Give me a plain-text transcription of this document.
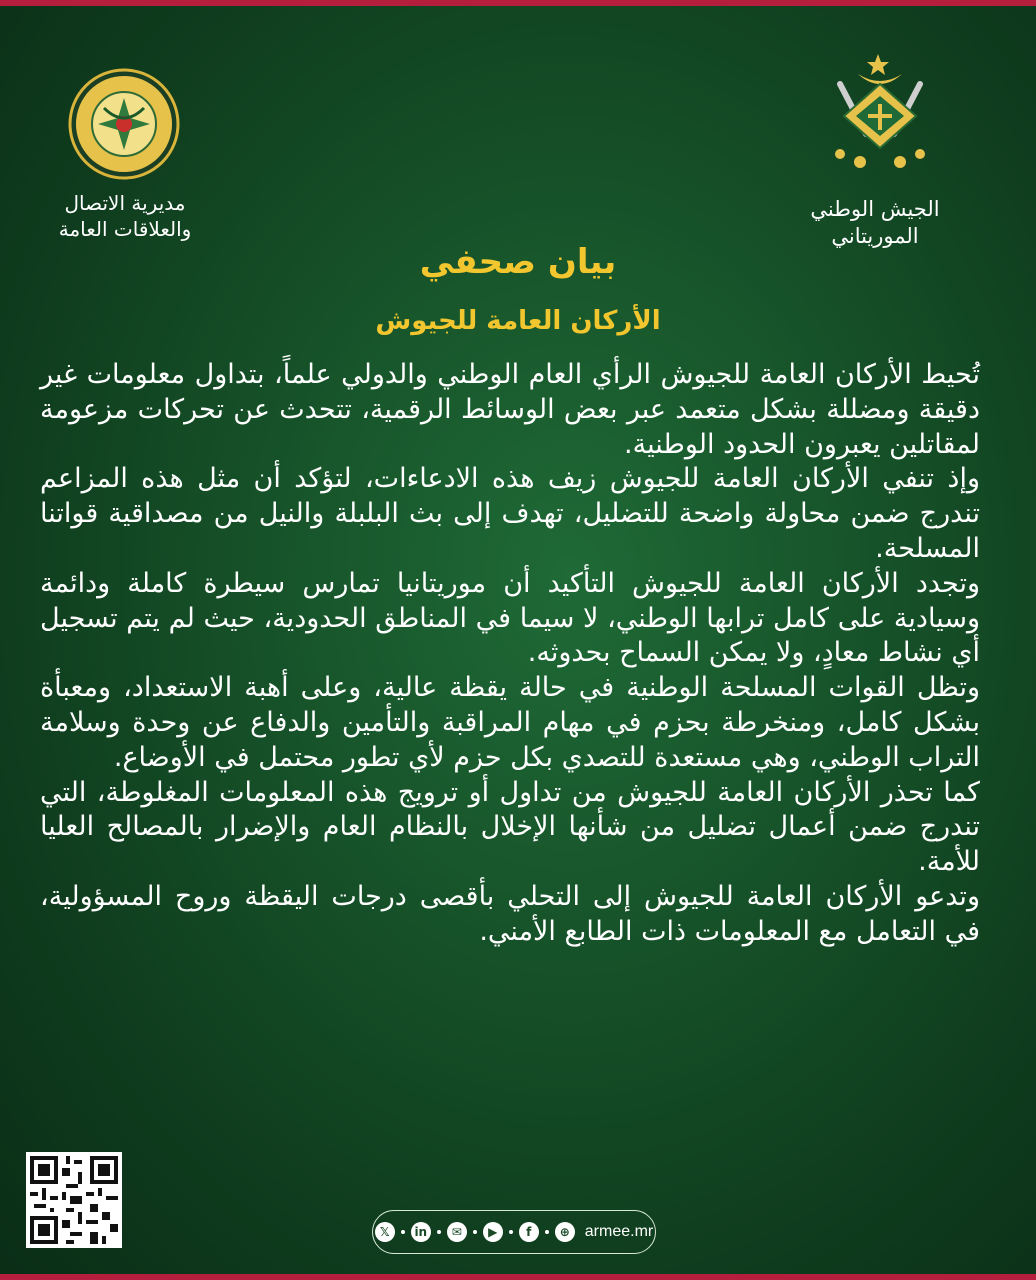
مديرية الاتصال
والعلاقات العامة
الجيش الوطني
الموريتاني
بيان صحفي
الأركان العامة للجيوش

تُحيط الأركان العامة للجيوش الرأي العام الوطني والدولي علماً، بتداول معلومات غير دقيقة ومضللة بشكل متعمد عبر بعض الوسائط الرقمية، تتحدث عن تحركات مزعومة لمقاتلين يعبرون الحدود الوطنية.

وإذ تنفي الأركان العامة للجيوش زيف هذه الادعاءات، لتؤكد أن مثل هذه المزاعم تندرج ضمن محاولة واضحة للتضليل، تهدف إلى بث البلبلة والنيل من مصداقية قواتنا المسلحة.

وتجدد الأركان العامة للجيوش التأكيد أن موريتانيا تمارس سيطرة كاملة ودائمة وسيادية على كامل ترابها الوطني، لا سيما في المناطق الحدودية، حيث لم يتم تسجيل أي نشاط معادٍ، ولا يمكن السماح بحدوثه.

وتظل القوات المسلحة الوطنية في حالة يقظة عالية، وعلى أهبة الاستعداد، ومعبأة بشكل كامل، ومنخرطة بحزم في مهام المراقبة والتأمين والدفاع عن وحدة وسلامة التراب الوطني، وهي مستعدة للتصدي بكل حزم لأي تطور محتمل في الأوضاع.

كما تحذر الأركان العامة للجيوش من تداول أو ترويج هذه المعلومات المغلوطة، التي تندرج ضمن أعمال تضليل من شأنها الإخلال بالنظام العام والإضرار بالمصالح العليا للأمة.

وتدعو الأركان العامة للجيوش إلى التحلي بأقصى درجات اليقظة وروح المسؤولية، في التعامل مع المعلومات ذات الطابع الأمني.

𝕏	in	✉	▶	f	⊕ armee.mr
